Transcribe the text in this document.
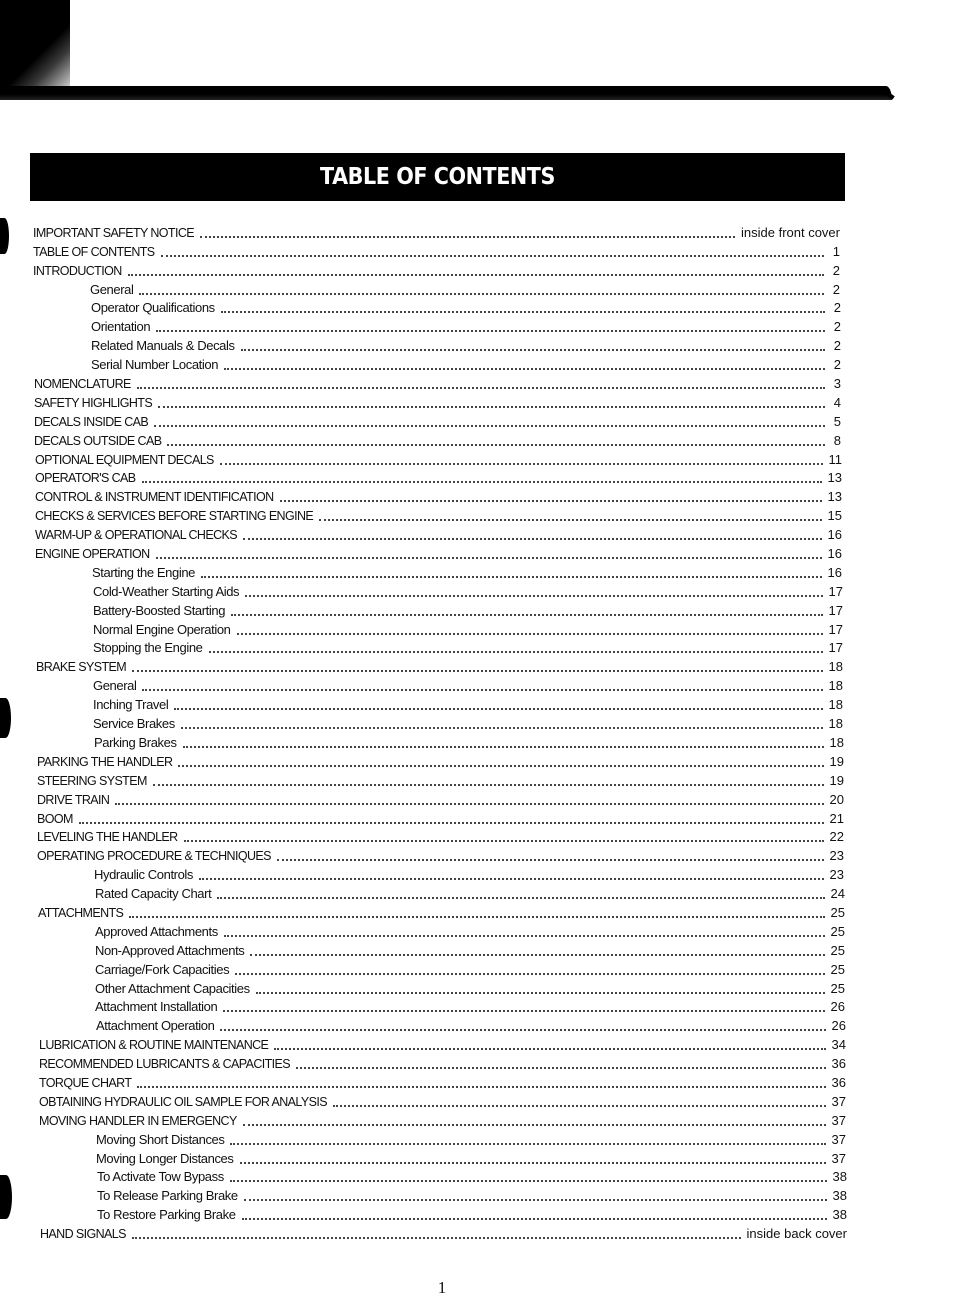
TABLE OF CONTENTS
IMPORTANT SAFETY NOTICE	inside front cover
TABLE OF CONTENTS	1
INTRODUCTION	2
General	2
Operator Qualifications	2
Orientation	2
Related Manuals & Decals	2
Serial Number Location	2
NOMENCLATURE	3
SAFETY HIGHLIGHTS	4
DECALS INSIDE CAB	5
DECALS OUTSIDE CAB	8
OPTIONAL EQUIPMENT DECALS	11
OPERATOR'S CAB	13
CONTROL & INSTRUMENT IDENTIFICATION	13
CHECKS & SERVICES BEFORE STARTING ENGINE	15
WARM-UP & OPERATIONAL CHECKS	16
ENGINE OPERATION	16
Starting the Engine	16
Cold-Weather Starting Aids	17
Battery-Boosted Starting	17
Normal Engine Operation	17
Stopping the Engine	17
BRAKE SYSTEM	18
General	18
Inching Travel	18
Service Brakes	18
Parking Brakes	18
PARKING THE HANDLER	19
STEERING SYSTEM	19
DRIVE TRAIN	20
BOOM	21
LEVELING THE HANDLER	22
OPERATING PROCEDURE & TECHNIQUES	23
Hydraulic Controls	23
Rated Capacity Chart	24
ATTACHMENTS	25
Approved Attachments	25
Non-Approved Attachments	25
Carriage/Fork Capacities	25
Other Attachment Capacities	25
Attachment Installation	26
Attachment Operation	26
LUBRICATION & ROUTINE MAINTENANCE	34
RECOMMENDED LUBRICANTS & CAPACITIES	36
TORQUE CHART	36
OBTAINING HYDRAULIC OIL SAMPLE FOR ANALYSIS	37
MOVING HANDLER IN EMERGENCY	37
Moving Short Distances	37
Moving Longer Distances	37
To Activate Tow Bypass	38
To Release Parking Brake	38
To Restore Parking Brake	38
HAND SIGNALS	inside back cover
1
